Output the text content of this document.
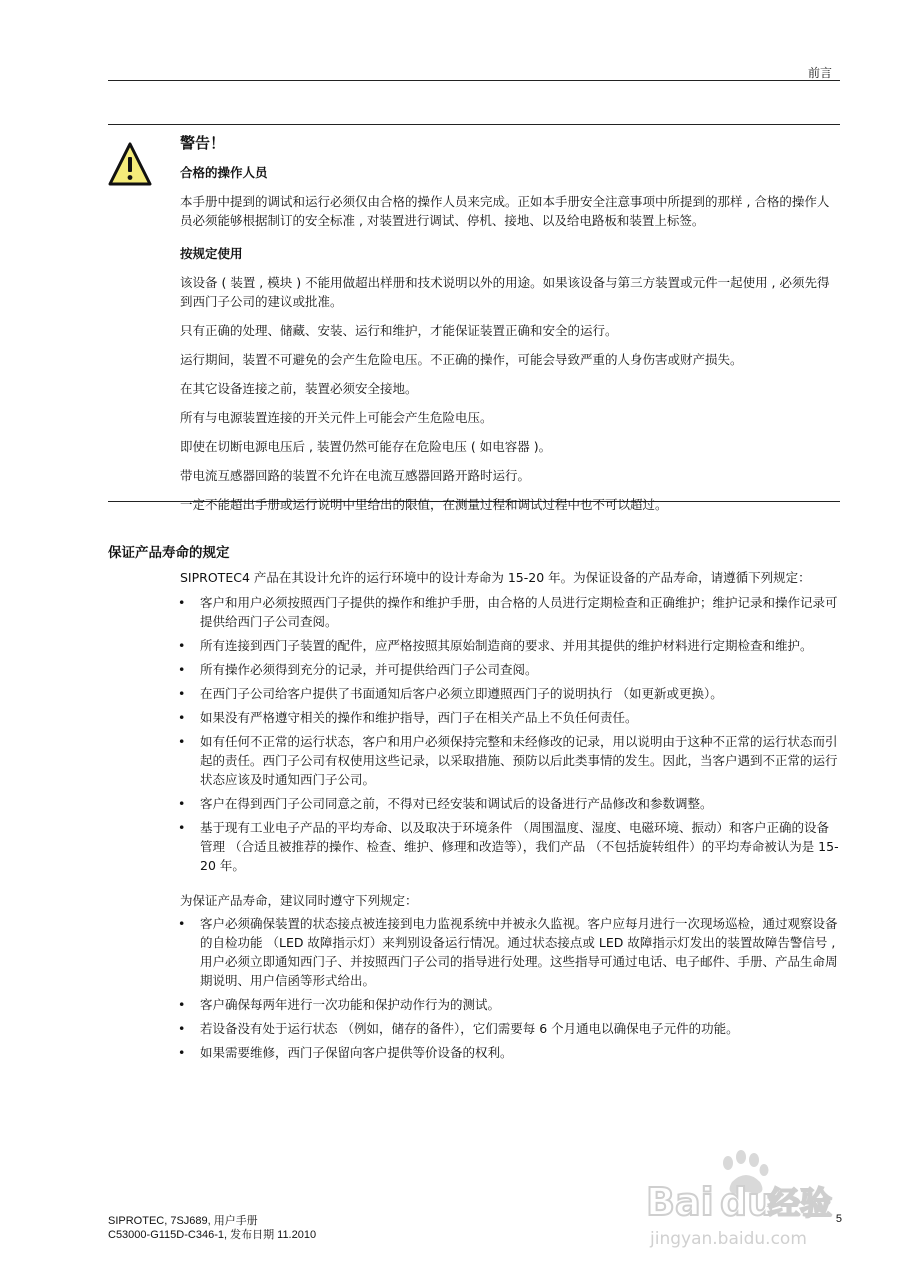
前言

警告！

合格的操作人员

本手册中提到的调试和运行必须仅由合格的操作人员来完成。正如本手册安全注意事项中所提到的那样 , 合格的操作人员必须能够根据制订的安全标准 , 对装置进行调试、停机、接地、以及给电路板和装置上标签。

按规定使用

该设备 ( 装置 , 模块 ) 不能用做超出样册和技术说明以外的用途。如果该设备与第三方装置或元件一起使用 , 必须先得到西门子公司的建议或批准。

只有正确的处理、储藏、安装、运行和维护，才能保证装置正确和安全的运行。

运行期间，装置不可避免的会产生危险电压。不正确的操作，可能会导致严重的人身伤害或财产损失。

在其它设备连接之前，装置必须安全接地。

所有与电源装置连接的开关元件上可能会产生危险电压。

即使在切断电源电压后 , 装置仍然可能存在危险电压 ( 如电容器 )。

带电流互感器回路的装置不允许在电流互感器回路开路时运行。

一定不能超出手册或运行说明中里给出的限值，在测量过程和调试过程中也不可以超过。

保证产品寿命的规定

SIPROTEC4 产品在其设计允许的运行环境中的设计寿命为 15-20 年。为保证设备的产品寿命，请遵循下列规定：

• 客户和用户必须按照西门子提供的操作和维护手册，由合格的人员进行定期检查和正确维护；维护记录和操作记录可提供给西门子公司查阅。
• 所有连接到西门子装置的配件，应严格按照其原始制造商的要求、并用其提供的维护材料进行定期检查和维护。
• 所有操作必须得到充分的记录，并可提供给西门子公司查阅。
• 在西门子公司给客户提供了书面通知后客户必须立即遵照西门子的说明执行 （如更新或更换）。
• 如果没有严格遵守相关的操作和维护指导，西门子在相关产品上不负任何责任。
• 如有任何不正常的运行状态，客户和用户必须保持完整和未经修改的记录，用以说明由于这种不正常的运行状态而引起的责任。西门子公司有权使用这些记录，以采取措施、预防以后此类事情的发生。因此，当客户遇到不正常的运行状态应该及时通知西门子公司。
• 客户在得到西门子公司同意之前，不得对已经安装和调试后的设备进行产品修改和参数调整。
• 基于现有工业电子产品的平均寿命、以及取决于环境条件 （周围温度、湿度、电磁环境、振动）和客户正确的设备管理 （合适且被推荐的操作、检查、维护、修理和改造等），我们产品 （不包括旋转组件）的平均寿命被认为是 15-20 年。

为保证产品寿命，建议同时遵守下列规定：

• 客户必须确保装置的状态接点被连接到电力监视系统中并被永久监视。客户应每月进行一次现场巡检，通过观察设备的自检功能 （LED 故障指示灯）来判别设备运行情况。通过状态接点或 LED 故障指示灯发出的装置故障告警信号 , 用户必须立即通知西门子、并按照西门子公司的指导进行处理。这些指导可通过电话、电子邮件、手册、产品生命周期说明、用户信函等形式给出。
• 客户确保每两年进行一次功能和保护动作行为的测试。
• 若设备没有处于运行状态 （例如，储存的备件），它们需要每 6 个月通电以确保电子元件的功能。
• 如果需要维修，西门子保留向客户提供等价设备的权利。
Bai du
经验
jingyan.baidu.com
SIPROTEC, 7SJ689, 用户手册
C53000-G115D-C346-1, 发布日期 11.2010
5
